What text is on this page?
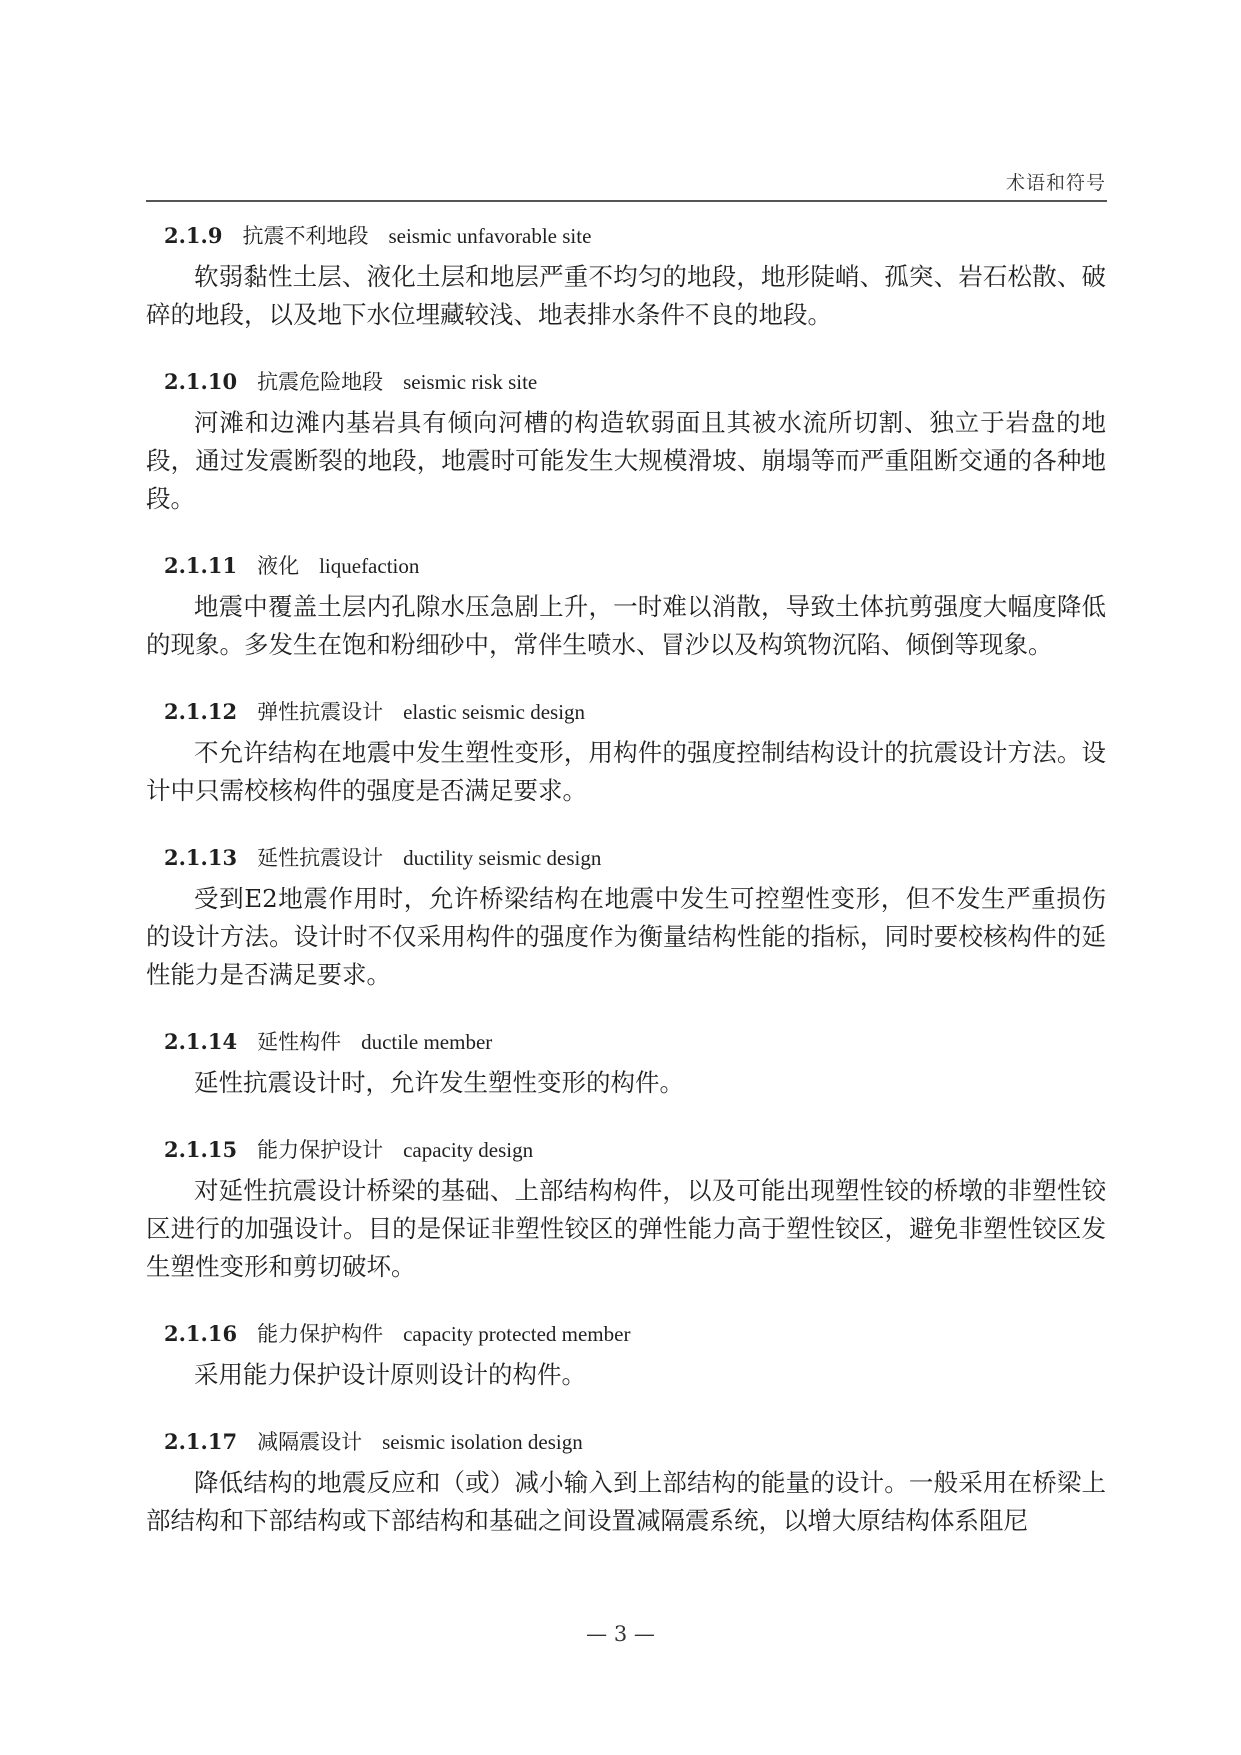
术语和符号
2.1.9 抗震不利地段 seismic unfavorable site

软弱黏性土层、液化土层和地层严重不均匀的地段，地形陡峭、孤突、岩石松散、破碎的地段，以及地下水位埋藏较浅、地表排水条件不良的地段。

2.1.10 抗震危险地段 seismic risk site

河滩和边滩内基岩具有倾向河槽的构造软弱面且其被水流所切割、独立于岩盘的地段，通过发震断裂的地段，地震时可能发生大规模滑坡、崩塌等而严重阻断交通的各种地段。

2.1.11 液化 liquefaction

地震中覆盖土层内孔隙水压急剧上升，一时难以消散，导致土体抗剪强度大幅度降低的现象。多发生在饱和粉细砂中，常伴生喷水、冒沙以及构筑物沉陷、倾倒等现象。

2.1.12 弹性抗震设计 elastic seismic design

不允许结构在地震中发生塑性变形，用构件的强度控制结构设计的抗震设计方法。设计中只需校核构件的强度是否满足要求。

2.1.13 延性抗震设计 ductility seismic design

受到E2地震作用时，允许桥梁结构在地震中发生可控塑性变形，但不发生严重损伤的设计方法。设计时不仅采用构件的强度作为衡量结构性能的指标，同时要校核构件的延性能力是否满足要求。

2.1.14 延性构件 ductile member

延性抗震设计时，允许发生塑性变形的构件。

2.1.15 能力保护设计 capacity design

对延性抗震设计桥梁的基础、上部结构构件，以及可能出现塑性铰的桥墩的非塑性铰区进行的加强设计。目的是保证非塑性铰区的弹性能力高于塑性铰区，避免非塑性铰区发生塑性变形和剪切破坏。

2.1.16 能力保护构件 capacity protected member

采用能力保护设计原则设计的构件。

2.1.17 减隔震设计 seismic isolation design

降低结构的地震反应和（或）减小输入到上部结构的能量的设计。一般采用在桥梁上部结构和下部结构或下部结构和基础之间设置减隔震系统，以增大原结构体系阻尼

— 3 —
